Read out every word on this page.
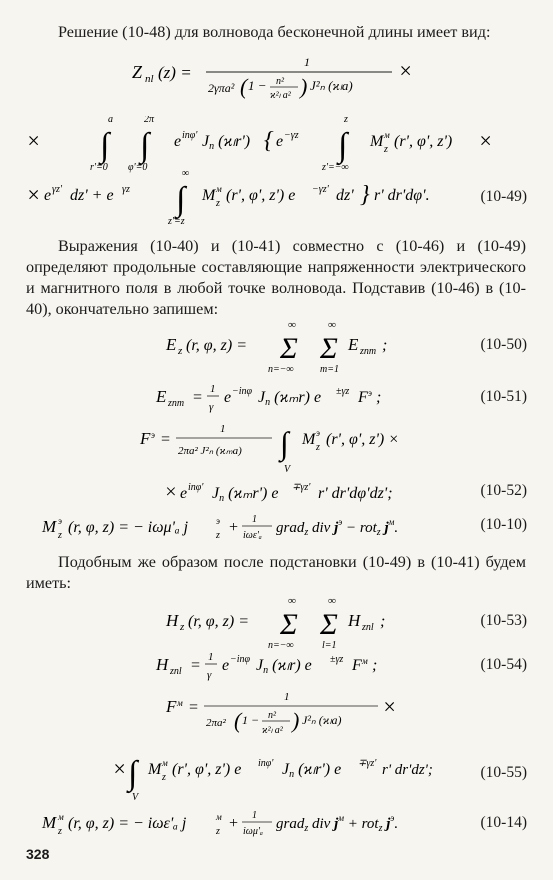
Решение (10-48) для волновода бесконечной длины имеет вид:
Z nl (z) =
1
2γπa² ( 1 − n²
ϰ²ₗ a² ) J²ₙ (ϰₗa)
×
×
a
∫
r'=0
2π
∫
φ'=0
e inφ' Jn (ϰₗr') { e −γz
z
∫
z'=−∞
M м
z (r', φ', z') ×
× e γz' dz' + e γz
∞
∫
z'=z
M м
z (r', φ', z') e −γz' dz' } r' dr'dφ'.	(10-49)
Выражения (10-40) и (10-41) совместно с (10-46) и (10-49) определяют продольные составляющие напряженности электрического и магнитного поля в любой точке волновода. Подставив (10-46) в (10-40), окончательно запишем:
E z (r, φ, z) =
∞
Σ
n=−∞
∞
Σ
m=1
E znm ;	(10-50)
E znm = 1
γ
e −inφ Jn (ϰₘr) e ±γz F э ;	(10-51)
F э =
1
2πa² J²ₙ (ϰₘa) ∫
V
M э
z (r', φ', z') ×
× e inφ' Jn (ϰₘr') e ∓γz' r' dr'dφ'dz';	(10-52)
M э
z (r, φ, z) = − iωμ'ₐ j	э
z + 1
iωε'ₐ grad$_z$ div $j^э - rot_z$ $j^м$.	(10-10)
Подобным же образом после подстановки (10-49) в (10-41) будем иметь:
H z (r, φ, z) =
∞
Σ
n=−∞
∞
Σ
l=1
H znl ;	(10-53)
H znl = 1
γ
e −inφ Jn (ϰₗr) e ±γz F м ;	(10-54)
F м =
1
2πa² ( 1 − n²
ϰ²ₗ a² ) J²ₙ (ϰₗa)
×
× ∫
V
M м
z (r', φ', z') e inφ' Jn (ϰₗr') e ∓γz' r' dr'dz';	(10-55)
M м
z (r, φ, z) = − iωε'ₐ j	м
z + 1
iωμ'ₐ grad$_z$ div $j^м + rot_z$ $j^э$.	(10-14)
328
